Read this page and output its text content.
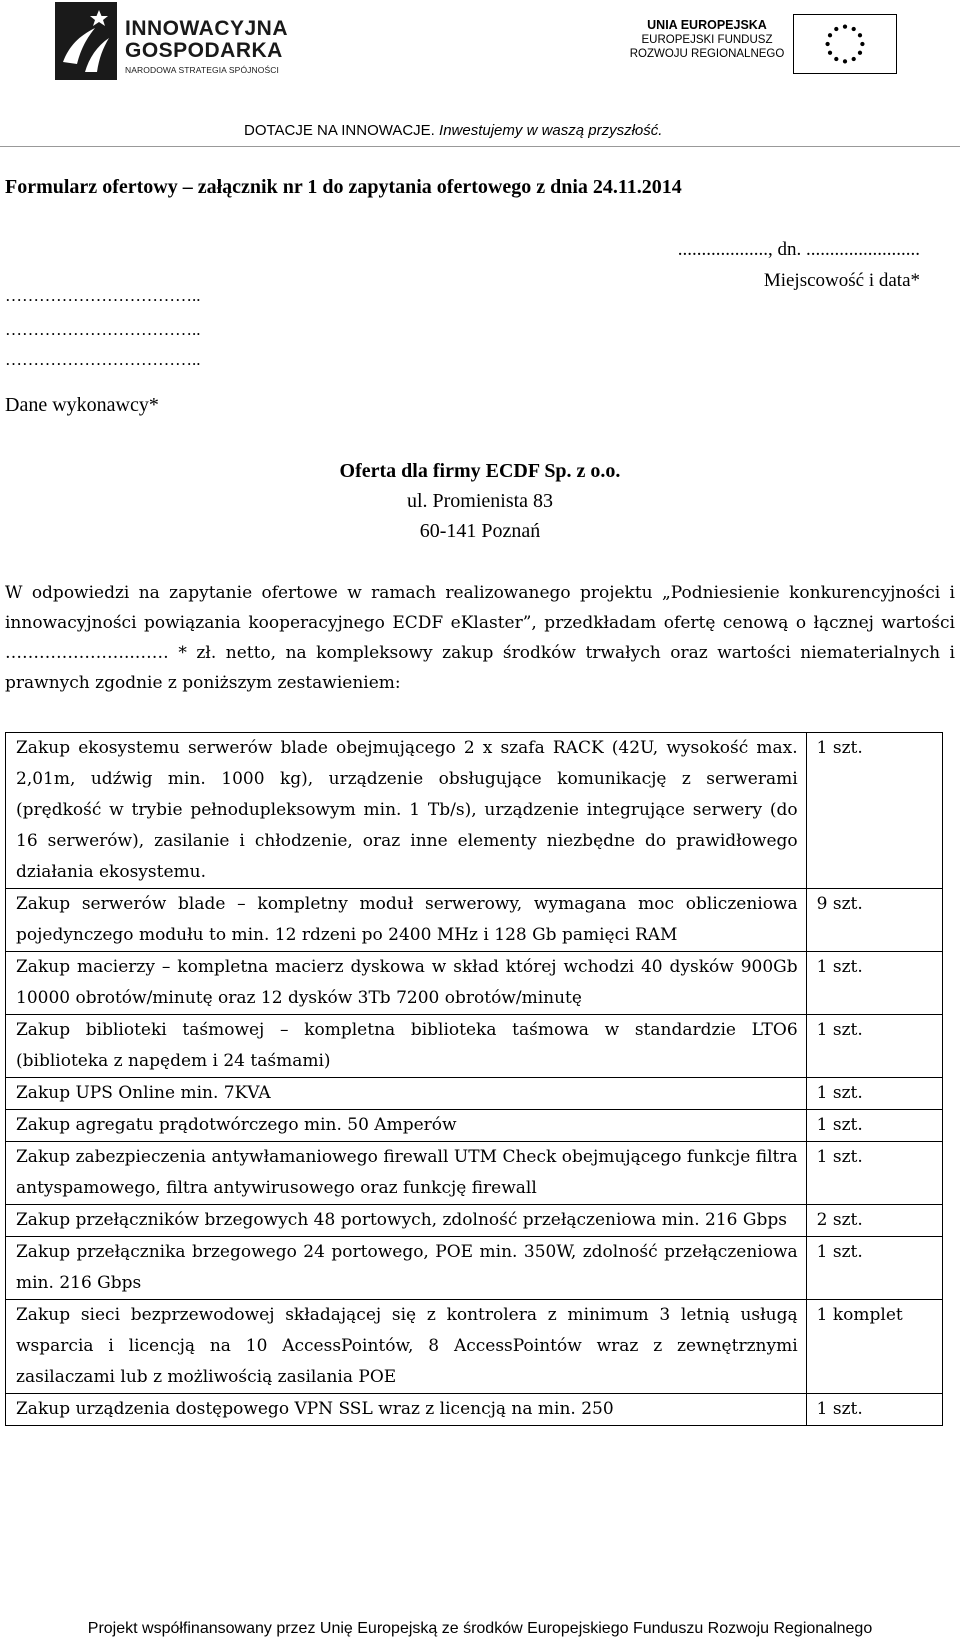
INNOWACYJNA
GOSPODARKA
NARODOWA STRATEGIA SPÓJNOŚCI
UNIA EUROPEJSKA
EUROPEJSKI FUNDUSZ
ROZWOJU REGIONALNEGO
DOTACJE NA INNOWACJE. Inwestujemy w waszą przyszłość.
Formularz ofertowy – załącznik nr 1 do zapytania ofertowego z dnia 24.11.2014
..................., dn. ........................
Miejscowość i data*
……………………………..
……………………………..
……………………………..
Dane wykonawcy*
Oferta dla firmy ECDF Sp. z o.o.
ul. Promienista 83
60-141 Poznań

W odpowiedzi na zapytanie ofertowe w ramach realizowanego projektu „Podniesienie konkurencyjności i innowacyjności powiązania kooperacyjnego ECDF eKlaster”, przedkładam ofertę cenową o łącznej wartości …………………..…… * zł. netto, na kompleksowy zakup środków trwałych oraz wartości niematerialnych i prawnych zgodnie z poniższym zestawieniem:

Zakup ekosystemu serwerów blade obejmującego 2 x szafa RACK (42U, wysokość max. 2,01m, udźwig min. 1000 kg), urządzenie obsługujące komunikację z serwerami (prędkość w trybie pełnodupleksowym min. 1 Tb/s), urządzenie integrujące serwery (do 16 serwerów), zasilanie i chłodzenie, oraz inne elementy niezbędne do prawidłowego działania ekosystemu.	1 szt.
Zakup serwerów blade – kompletny moduł serwerowy, wymagana moc obliczeniowa pojedynczego modułu to min. 12 rdzeni po 2400 MHz i 128 Gb pamięci RAM	9 szt.
Zakup macierzy – kompletna macierz dyskowa w skład której wchodzi 40 dysków 900Gb 10000 obrotów/minutę oraz 12 dysków 3Tb 7200 obrotów/minutę	1 szt.
Zakup biblioteki taśmowej – kompletna biblioteka taśmowa w standardzie LTO6 (biblioteka z napędem i 24 taśmami)	1 szt.
Zakup UPS Online min. 7KVA	1 szt.
Zakup agregatu prądotwórczego min. 50 Amperów	1 szt.
Zakup zabezpieczenia antywłamaniowego firewall UTM Check obejmującego funkcje filtra antyspamowego, filtra antywirusowego oraz funkcję firewall	1 szt.
Zakup przełączników brzegowych 48 portowych, zdolność przełączeniowa min. 216 Gbps	2 szt.
Zakup przełącznika brzegowego 24 portowego, POE min. 350W, zdolność przełączeniowa min. 216 Gbps	1 szt.
Zakup sieci bezprzewodowej składającej się z kontrolera z minimum 3 letnią usługą wsparcia i licencją na 10 AccessPointów, 8 AccessPointów wraz z zewnętrznymi zasilaczami lub z możliwością zasilania POE	1 komplet
Zakup urządzenia dostępowego VPN SSL wraz z licencją na min. 250	1 szt.
Projekt współfinansowany przez Unię Europejską ze środków Europejskiego Funduszu Rozwoju Regionalnego
